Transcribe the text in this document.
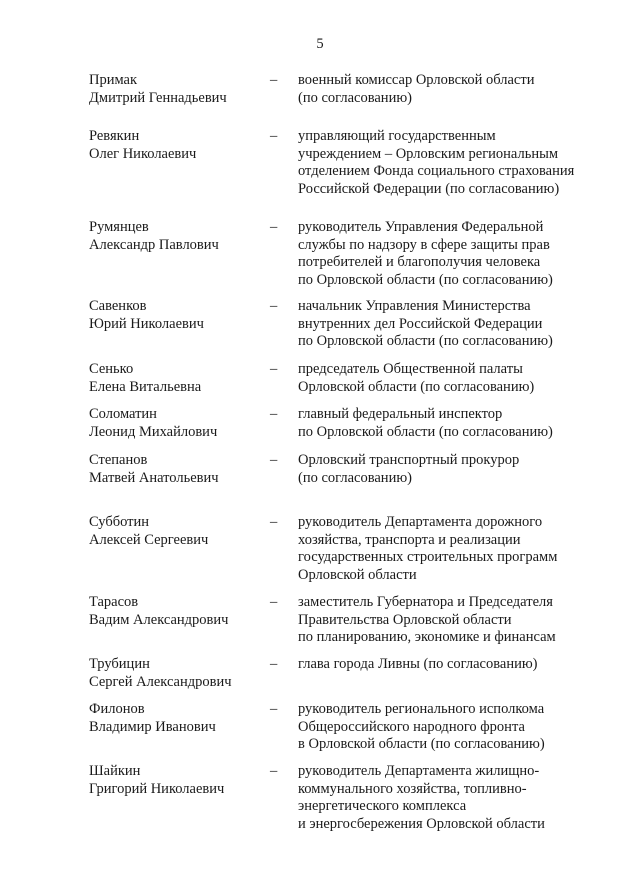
5
Примак
Дмитрий Геннадьевич
–	военный комиссар Орловской области
(по согласованию)
Ревякин
Олег Николаевич
–	управляющий государственным
учреждением – Орловским региональным
отделением Фонда социального страхования
Российской Федерации (по согласованию)
Румянцев
Александр Павлович
–	руководитель Управления Федеральной
службы по надзору в сфере защиты прав
потребителей и благополучия человека
по Орловской области (по согласованию)
Савенков
Юрий Николаевич
–	начальник Управления Министерства
внутренних дел Российской Федерации
по Орловской области (по согласованию)
Сенько
Елена Витальевна
–	председатель Общественной палаты
Орловской области (по согласованию)
Соломатин
Леонид Михайлович
–	главный федеральный инспектор
по Орловской области (по согласованию)
Степанов
Матвей Анатольевич
–	Орловский транспортный прокурор
(по согласованию)
Субботин
Алексей Сергеевич
–	руководитель Департамента дорожного
хозяйства, транспорта и реализации
государственных строительных программ
Орловской области
Тарасов
Вадим Александрович
–	заместитель Губернатора и Председателя
Правительства Орловской области
по планированию, экономике и финансам
Трубицин
Сергей Александрович
–	глава города Ливны (по согласованию)
Филонов
Владимир Иванович
–	руководитель регионального исполкома
Общероссийского народного фронта
в Орловской области (по согласованию)
Шайкин
Григорий Николаевич
–	руководитель Департамента жилищно-
коммунального хозяйства, топливно-
энергетического комплекса
и энергосбережения Орловской области
